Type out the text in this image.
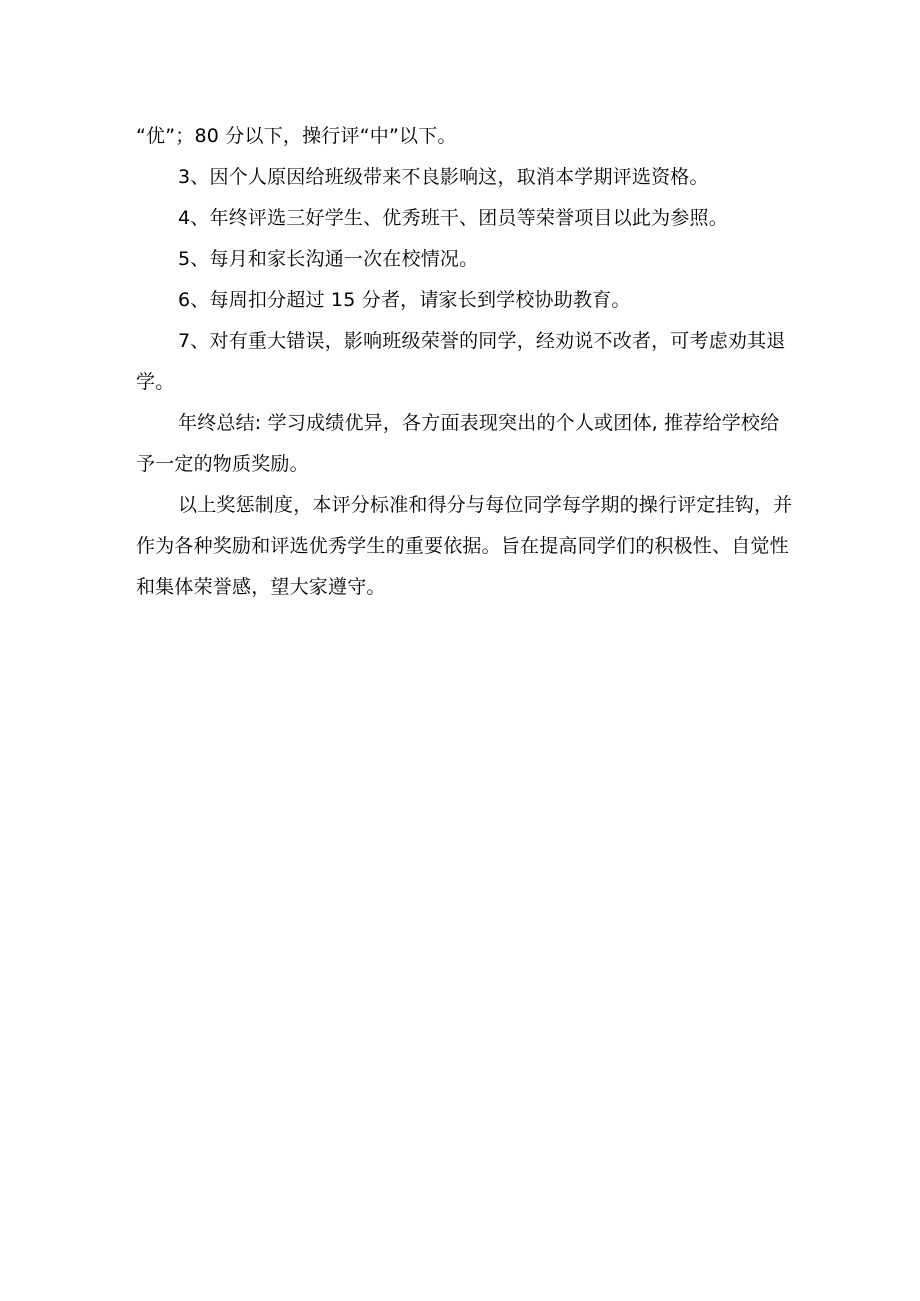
“优”；80 分以下，操行评“中”以下。

3、因个人原因给班级带来不良影响这，取消本学期评选资格。

4、年终评选三好学生、优秀班干、团员等荣誉项目以此为参照。

5、每月和家长沟通一次在校情况。

6、每周扣分超过 15 分者，请家长到学校协助教育。

7、对有重大错误，影响班级荣誉的同学，经劝说不改者，可考虑劝其退学。

年终总结: 学习成绩优异，各方面表现突出的个人或团体, 推荐给学校给予一定的物质奖励。

以上奖惩制度，本评分标准和得分与每位同学每学期的操行评定挂钩，并作为各种奖励和评选优秀学生的重要依据。旨在提高同学们的积极性、自觉性和集体荣誉感，望大家遵守。
